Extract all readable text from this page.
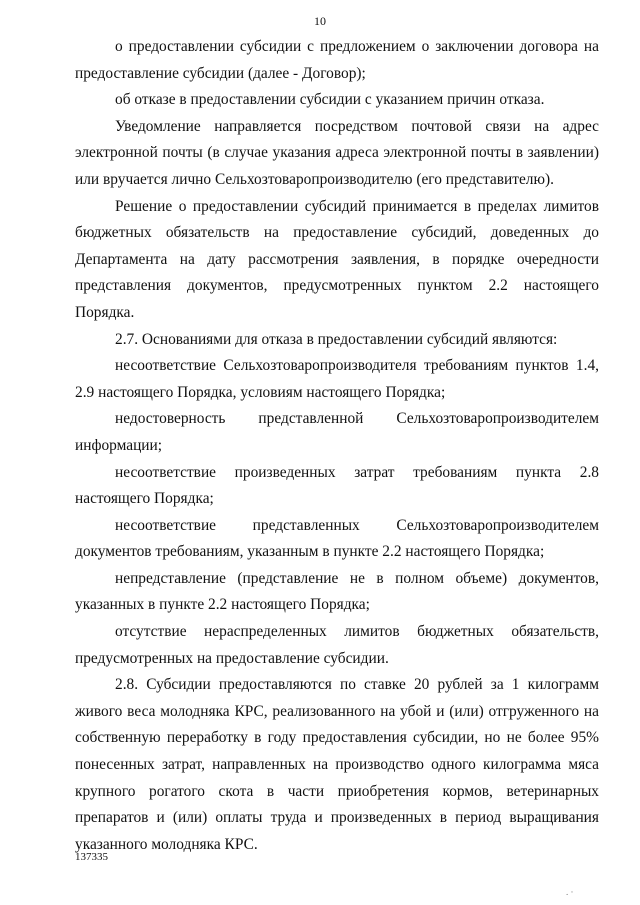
10

о предоставлении субсидии с предложением о заключении договора на предоставление субсидии (далее - Договор);

об отказе в предоставлении субсидии с указанием причин отказа.

Уведомление направляется посредством почтовой связи на адрес электронной почты (в случае указания адреса электронной почты в заявлении) или вручается лично Сельхозтоваропроизводителю (его представителю).

Решение о предоставлении субсидий принимается в пределах лимитов бюджетных обязательств на предоставление субсидий, доведенных до Департамента на дату рассмотрения заявления, в порядке очередности представления документов, предусмотренных пунктом 2.2 настоящего Порядка.

2.7. Основаниями для отказа в предоставлении субсидий являются:

несоответствие Сельхозтоваропроизводителя требованиям пунктов 1.4, 2.9 настоящего Порядка, условиям настоящего Порядка;

недостоверность представленной Сельхозтоваропроизводителем информации;

несоответствие произведенных затрат требованиям пункта 2.8 настоящего Порядка;

несоответствие представленных Сельхозтоваропроизводителем документов требованиям, указанным в пункте 2.2 настоящего Порядка;

непредставление (представление не в полном объеме) документов, указанных в пункте 2.2 настоящего Порядка;

отсутствие нераспределенных лимитов бюджетных обязательств, предусмотренных на предоставление субсидии.

2.8. Субсидии предоставляются по ставке 20 рублей за 1 килограмм живого веса молодняка КРС, реализованного на убой и (или) отгруженного на собственную переработку в году предоставления субсидии, но не более 95% понесенных затрат, направленных на производство одного килограмма мяса крупного рогатого скота в части приобретения кормов, ветеринарных препаратов и (или) оплаты труда и произведенных в период выращивания указанного молодняка КРС.

137335
. ·
